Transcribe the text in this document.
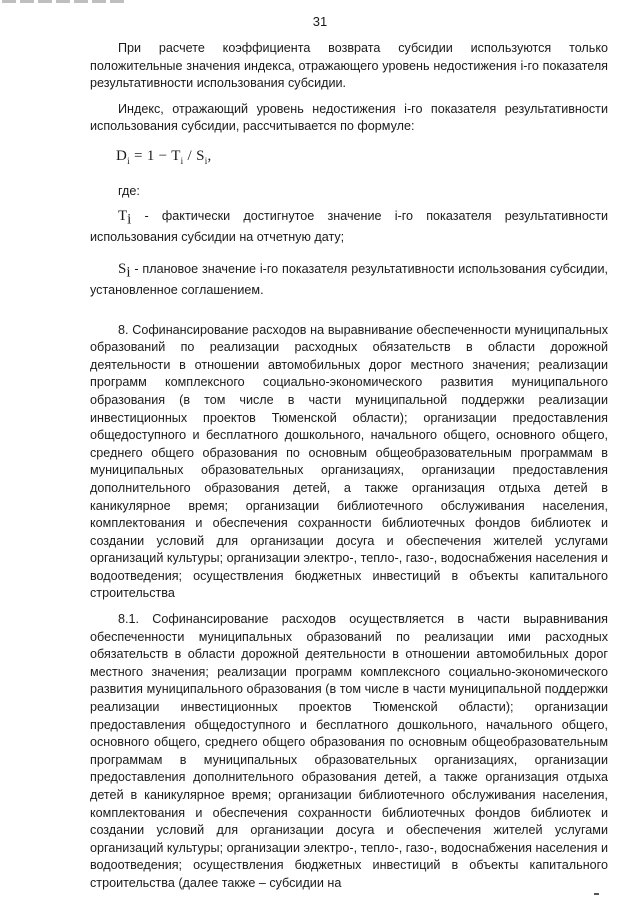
31

При расчете коэффициента возврата субсидии используются только положительные значения индекса, отражающего уровень недостижения i-го показателя результативности использования субсидии.

Индекс, отражающий уровень недостижения i-го показателя результативности использования субсидии, рассчитывается по формуле:

$D_i = 1 - T_i / S_i$,

где:

$T_i$ - фактически достигнутое значение i-го показателя результативности использования субсидии на отчетную дату;

$S_i$ - плановое значение i-го показателя результативности использования субсидии, установленное соглашением.

8. Софинансирование расходов на выравнивание обеспеченности муниципальных образований по реализации расходных обязательств в области дорожной деятельности в отношении автомобильных дорог местного значения; реализации программ комплексного социально-экономического развития муниципального образования (в том числе в части муниципальной поддержки реализации инвестиционных проектов Тюменской области); организации предоставления общедоступного и бесплатного дошкольного, начального общего, основного общего, среднего общего образования по основным общеобразовательным программам в муниципальных образовательных организациях, организации предоставления дополнительного образования детей, а также организация отдыха детей в каникулярное время; организации библиотечного обслуживания населения, комплектования и обеспечения сохранности библиотечных фондов библиотек и создании условий для организации досуга и обеспечения жителей услугами организаций культуры; организации электро-, тепло-, газо-, водоснабжения населения и водоотведения; осуществления бюджетных инвестиций в объекты капитального строительства

8.1. Софинансирование расходов осуществляется в части выравнивания обеспеченности муниципальных образований по реализации ими расходных обязательств в области дорожной деятельности в отношении автомобильных дорог местного значения; реализации программ комплексного социально-экономического развития муниципального образования (в том числе в части муниципальной поддержки реализации инвестиционных проектов Тюменской области); организации предоставления общедоступного и бесплатного дошкольного, начального общего, основного общего, среднего общего образования по основным общеобразовательным программам в муниципальных образовательных организациях, организации предоставления дополнительного образования детей, а также организация отдыха детей в каникулярное время; организации библиотечного обслуживания населения, комплектования и обеспечения сохранности библиотечных фондов библиотек и создании условий для организации досуга и обеспечения жителей услугами организаций культуры; организации электро-, тепло-, газо-, водоснабжения населения и водоотведения; осуществления бюджетных инвестиций в объекты капитального строительства (далее также – субсидии на
